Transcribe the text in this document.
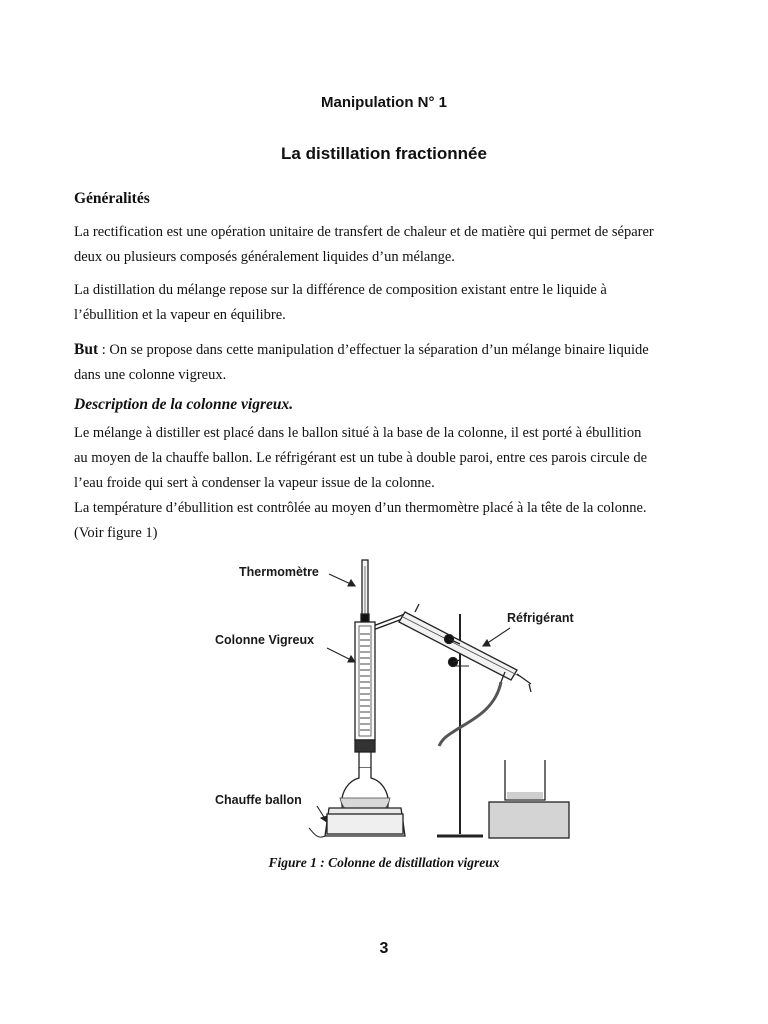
Manipulation N° 1
La distillation fractionnée
Généralités

La rectification est une opération unitaire de transfert de chaleur et de matière qui permet de séparer
deux ou plusieurs composés généralement liquides d’un mélange.

La distillation du mélange repose sur la différence de composition existant entre le liquide à
l’ébullition et la vapeur en équilibre.

But : On se propose dans cette manipulation d’effectuer la séparation d’un mélange binaire liquide
dans une colonne vigreux.

Description de la colonne vigreux.

Le mélange à distiller est placé dans le ballon situé à la base de la colonne, il est porté à ébullition
au moyen de la chauffe ballon. Le réfrigérant est un tube à double paroi, entre ces parois circule de
l’eau froide qui sert à condenser la vapeur issue de la colonne.
La température d’ébullition est contrôlée au moyen d’un thermomètre placé à la tête de la colonne.
(Voir figure 1)

Thermomètre
Colonne Vigreux
Réfrigérant
Chauffe ballon
Figure 1 : Colonne de distillation vigreux
3
